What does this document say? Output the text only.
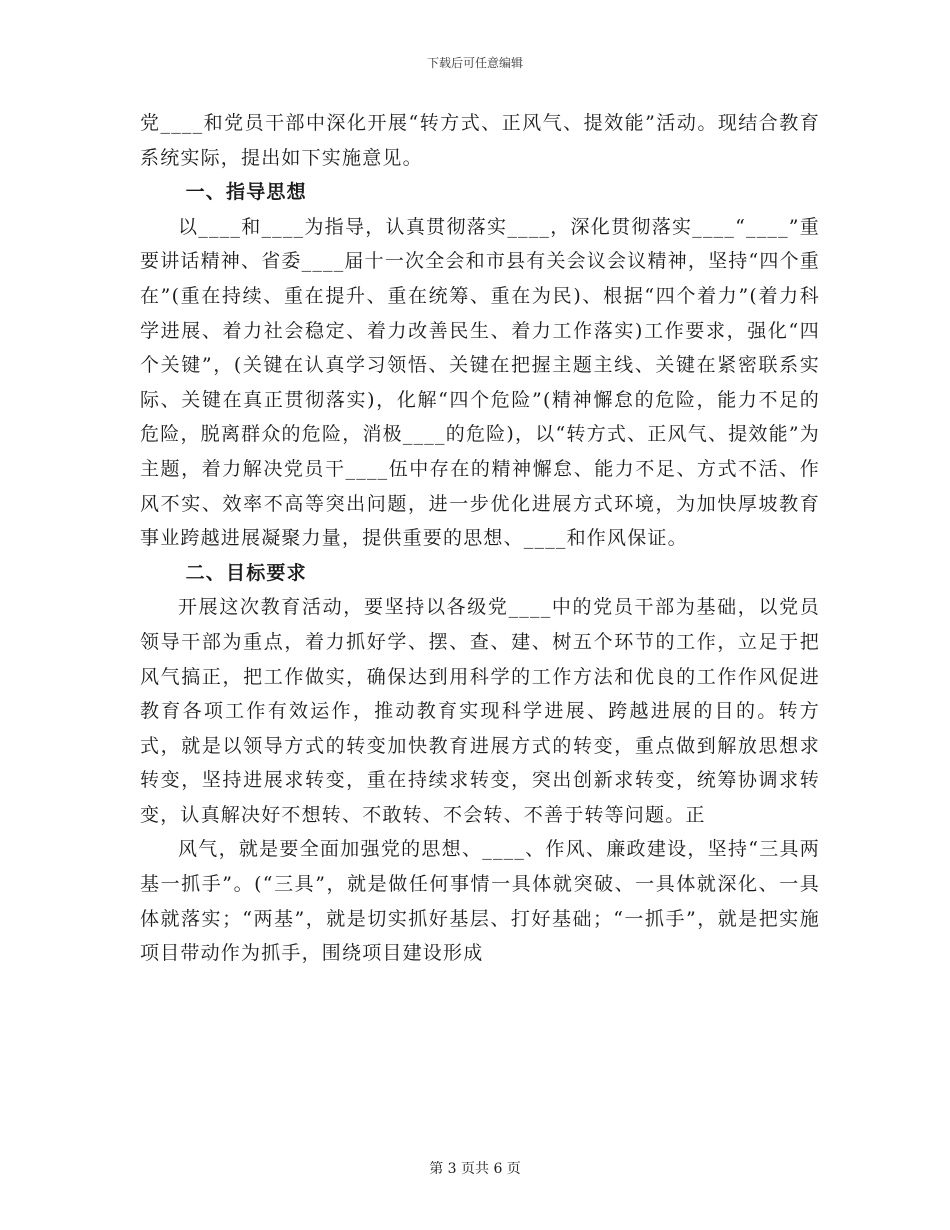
下载后可任意编辑

党____和党员干部中深化开展“转方式、正风气、提效能”活动。现结合教育系统实际，提出如下实施意见。

一、指导思想

以____和____为指导，认真贯彻落实____，深化贯彻落实____“____”重要讲话精神、省委____届十一次全会和市县有关会议会议精神，坚持“四个重在”(重在持续、重在提升、重在统筹、重在为民)、根据“四个着力”(着力科学进展、着力社会稳定、着力改善民生、着力工作落实)工作要求，强化“四个关键”，(关键在认真学习领悟、关键在把握主题主线、关键在紧密联系实际、关键在真正贯彻落实)，化解“四个危险”(精神懈怠的危险，能力不足的危险，脱离群众的危险，消极____的危险)，以“转方式、正风气、提效能”为主题，着力解决党员干____伍中存在的精神懈怠、能力不足、方式不活、作风不实、效率不高等突出问题，进一步优化进展方式环境，为加快厚坡教育事业跨越进展凝聚力量，提供重要的思想、____和作风保证。

二、目标要求

开展这次教育活动，要坚持以各级党____中的党员干部为基础，以党员领导干部为重点，着力抓好学、摆、查、建、树五个环节的工作，立足于把风气搞正，把工作做实，确保达到用科学的工作方法和优良的工作作风促进教育各项工作有效运作，推动教育实现科学进展、跨越进展的目的。转方式，就是以领导方式的转变加快教育进展方式的转变，重点做到解放思想求转变，坚持进展求转变，重在持续求转变，突出创新求转变，统筹协调求转变，认真解决好不想转、不敢转、不会转、不善于转等问题。正

风气，就是要全面加强党的思想、____、作风、廉政建设，坚持“三具两基一抓手”。(“三具”，就是做任何事情一具体就突破、一具体就深化、一具体就落实；“两基”，就是切实抓好基层、打好基础；“一抓手”，就是把实施项目带动作为抓手，围绕项目建设形成

第 3 页共 6 页
